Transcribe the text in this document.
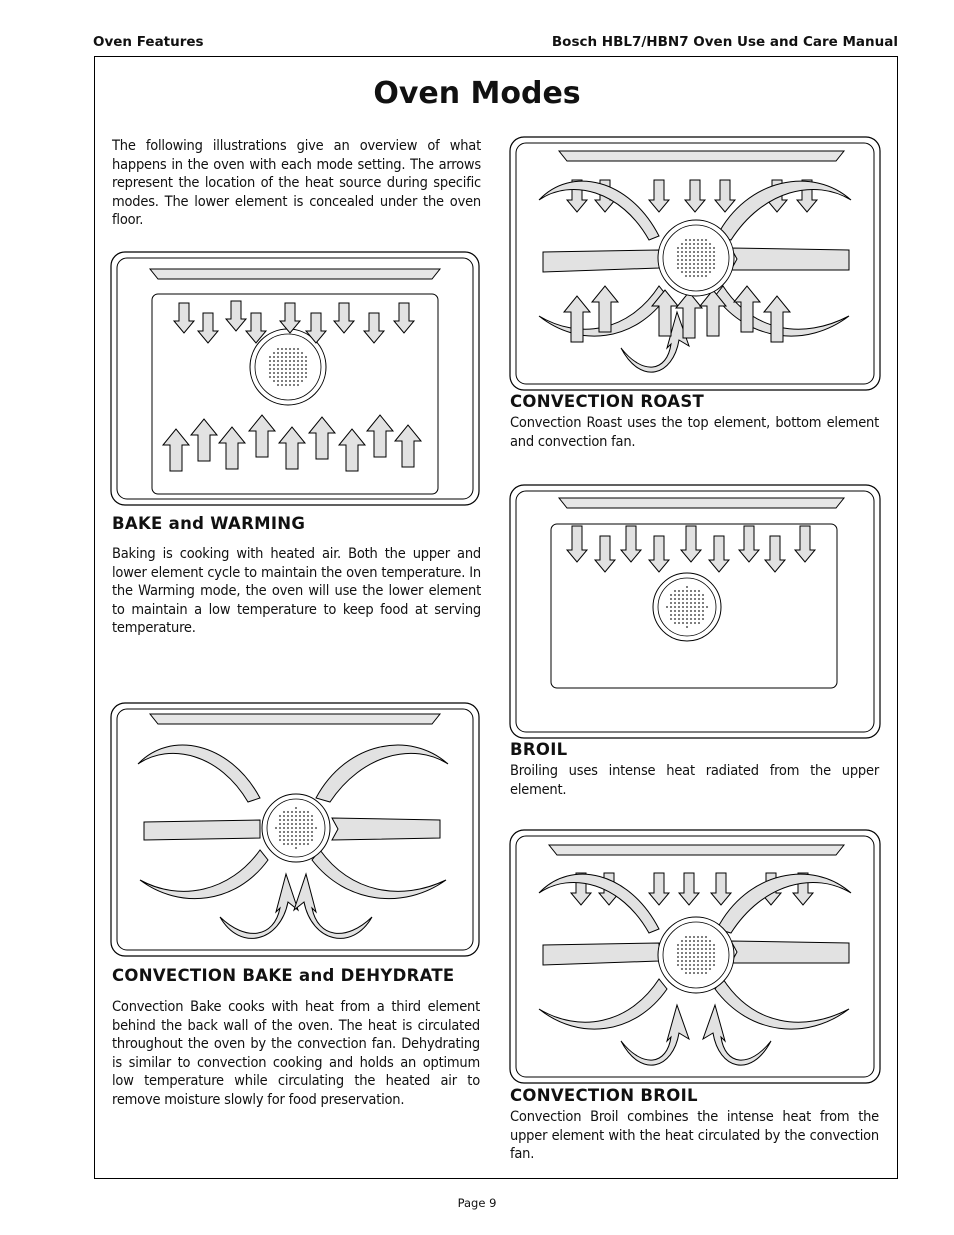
Oven Features	Bosch HBL7/HBN7 Oven Use and Care Manual
Oven Modes
The following illustrations give an overview of what happens in the oven with each mode setting. The arrows represent the location of the heat source during specific modes. The lower element is concealed under the oven floor.
BAKE and WARMING
Baking is cooking with heated air. Both the upper and lower element cycle to maintain the oven temperature. In the Warming mode, the oven will use the lower element to maintain a low temperature to keep food at serving temperature.
CONVECTION BAKE and DEHYDRATE
Convection Bake cooks with heat from a third element behind the back wall of the oven. The heat is circulated throughout the oven by the convection fan. Dehydrating is similar to convection cooking and holds an optimum low temperature while circulating the heated air to remove moisture slowly for food preservation.
CONVECTION ROAST
Convection Roast uses the top element, bottom element and convection fan.
BROIL
Broiling uses intense heat radiated from the upper element.
CONVECTION BROIL
Convection Broil combines the intense heat from the upper element with the heat circulated by the convection fan.
Page 9
